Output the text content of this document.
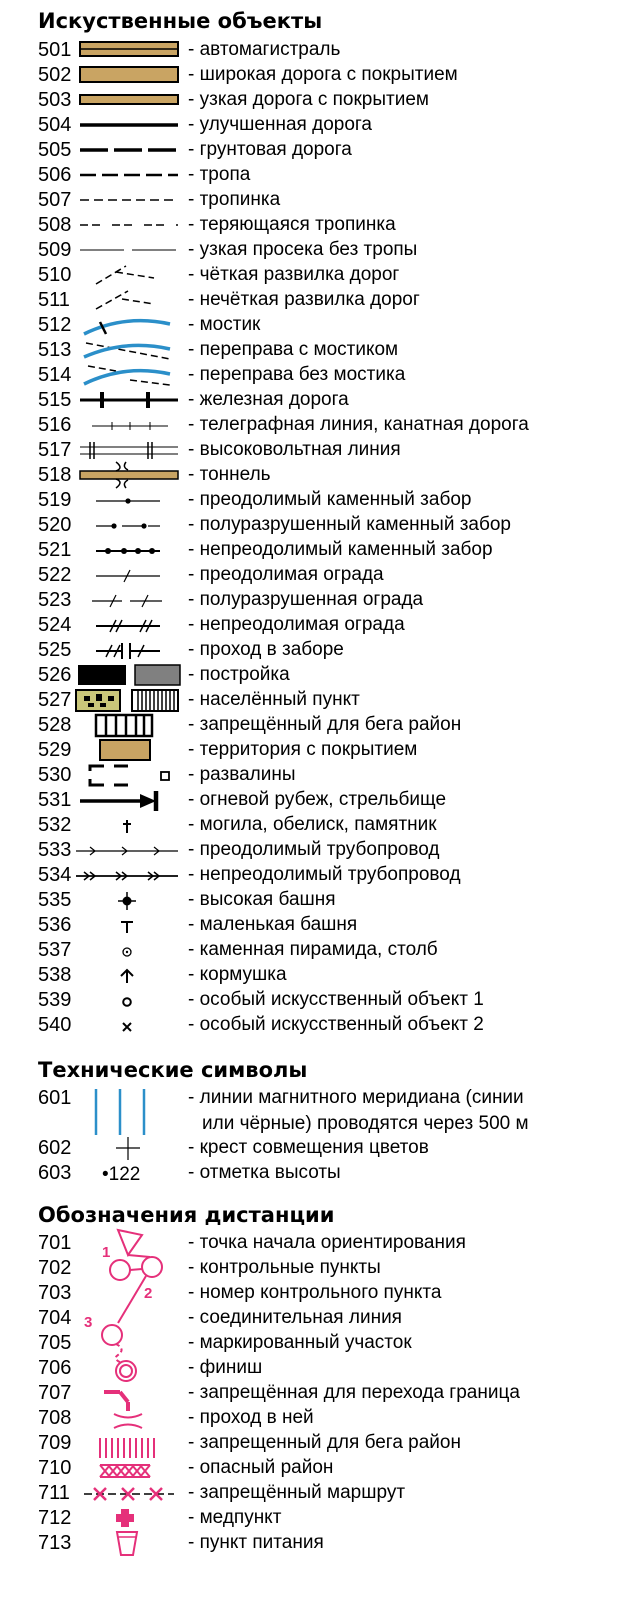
Искуственные объекты
501	- автомагистраль
502	- широкая дорога с покрытием
503	- узкая дорога с покрытием
504	- улучшенная дорога
505	- грунтовая дорога
506	- тропа
507	- тропинка
508	- теряющаяся тропинка
509	- узкая просека без тропы
510	- чёткая развилка дорог
511	- нечёткая развилка дорог
512	- мостик
513	- переправа с мостиком
514	- переправа без мостика
515	- железная дорога
516	- телеграфная линия, канатная дорога
517	- высоковольтная линия
518	- тоннель
519	- преодолимый каменный забор
520	- полуразрушенный каменный забор
521	- непреодолимый каменный забор
522	- преодолимая ограда
523	- полуразрушенная ограда
524	- непреодолимая ограда
525	- проход в заборе
526	- постройка
527	- населённый пункт
528	- запрещённый для бега район
529	- территория с покрытием
530	- развалины
531	- огневой рубеж, стрельбище
532	- могила, обелиск, памятник
533	- преодолимый трубопровод
534	- непреодолимый трубопровод
535	- высокая башня
536	- маленькая башня
537	- каменная пирамида, столб
538	- кормушка
539	- особый искусственный объект 1
540	- особый искусственный объект 2
Технические символы
601	- линии магнитного меридиана (синии
или чёрные) проводятся через 500 м
602	- крест совмещения цветов
603 •122	- отметка высоты
Обозначения дистанции
1
2
3
701	- точка начала ориентирования
702	- контрольные пункты
703	- номер контрольного пункта
704	- соединительная линия
705	- маркированный участок
706	- финиш
707	- запрещённая для перехода граница
708	- проход в ней
709	- запрещенный для бега район
710	- опасный район
711	- запрещённый маршрут
712	- медпункт
713	- пункт питания
